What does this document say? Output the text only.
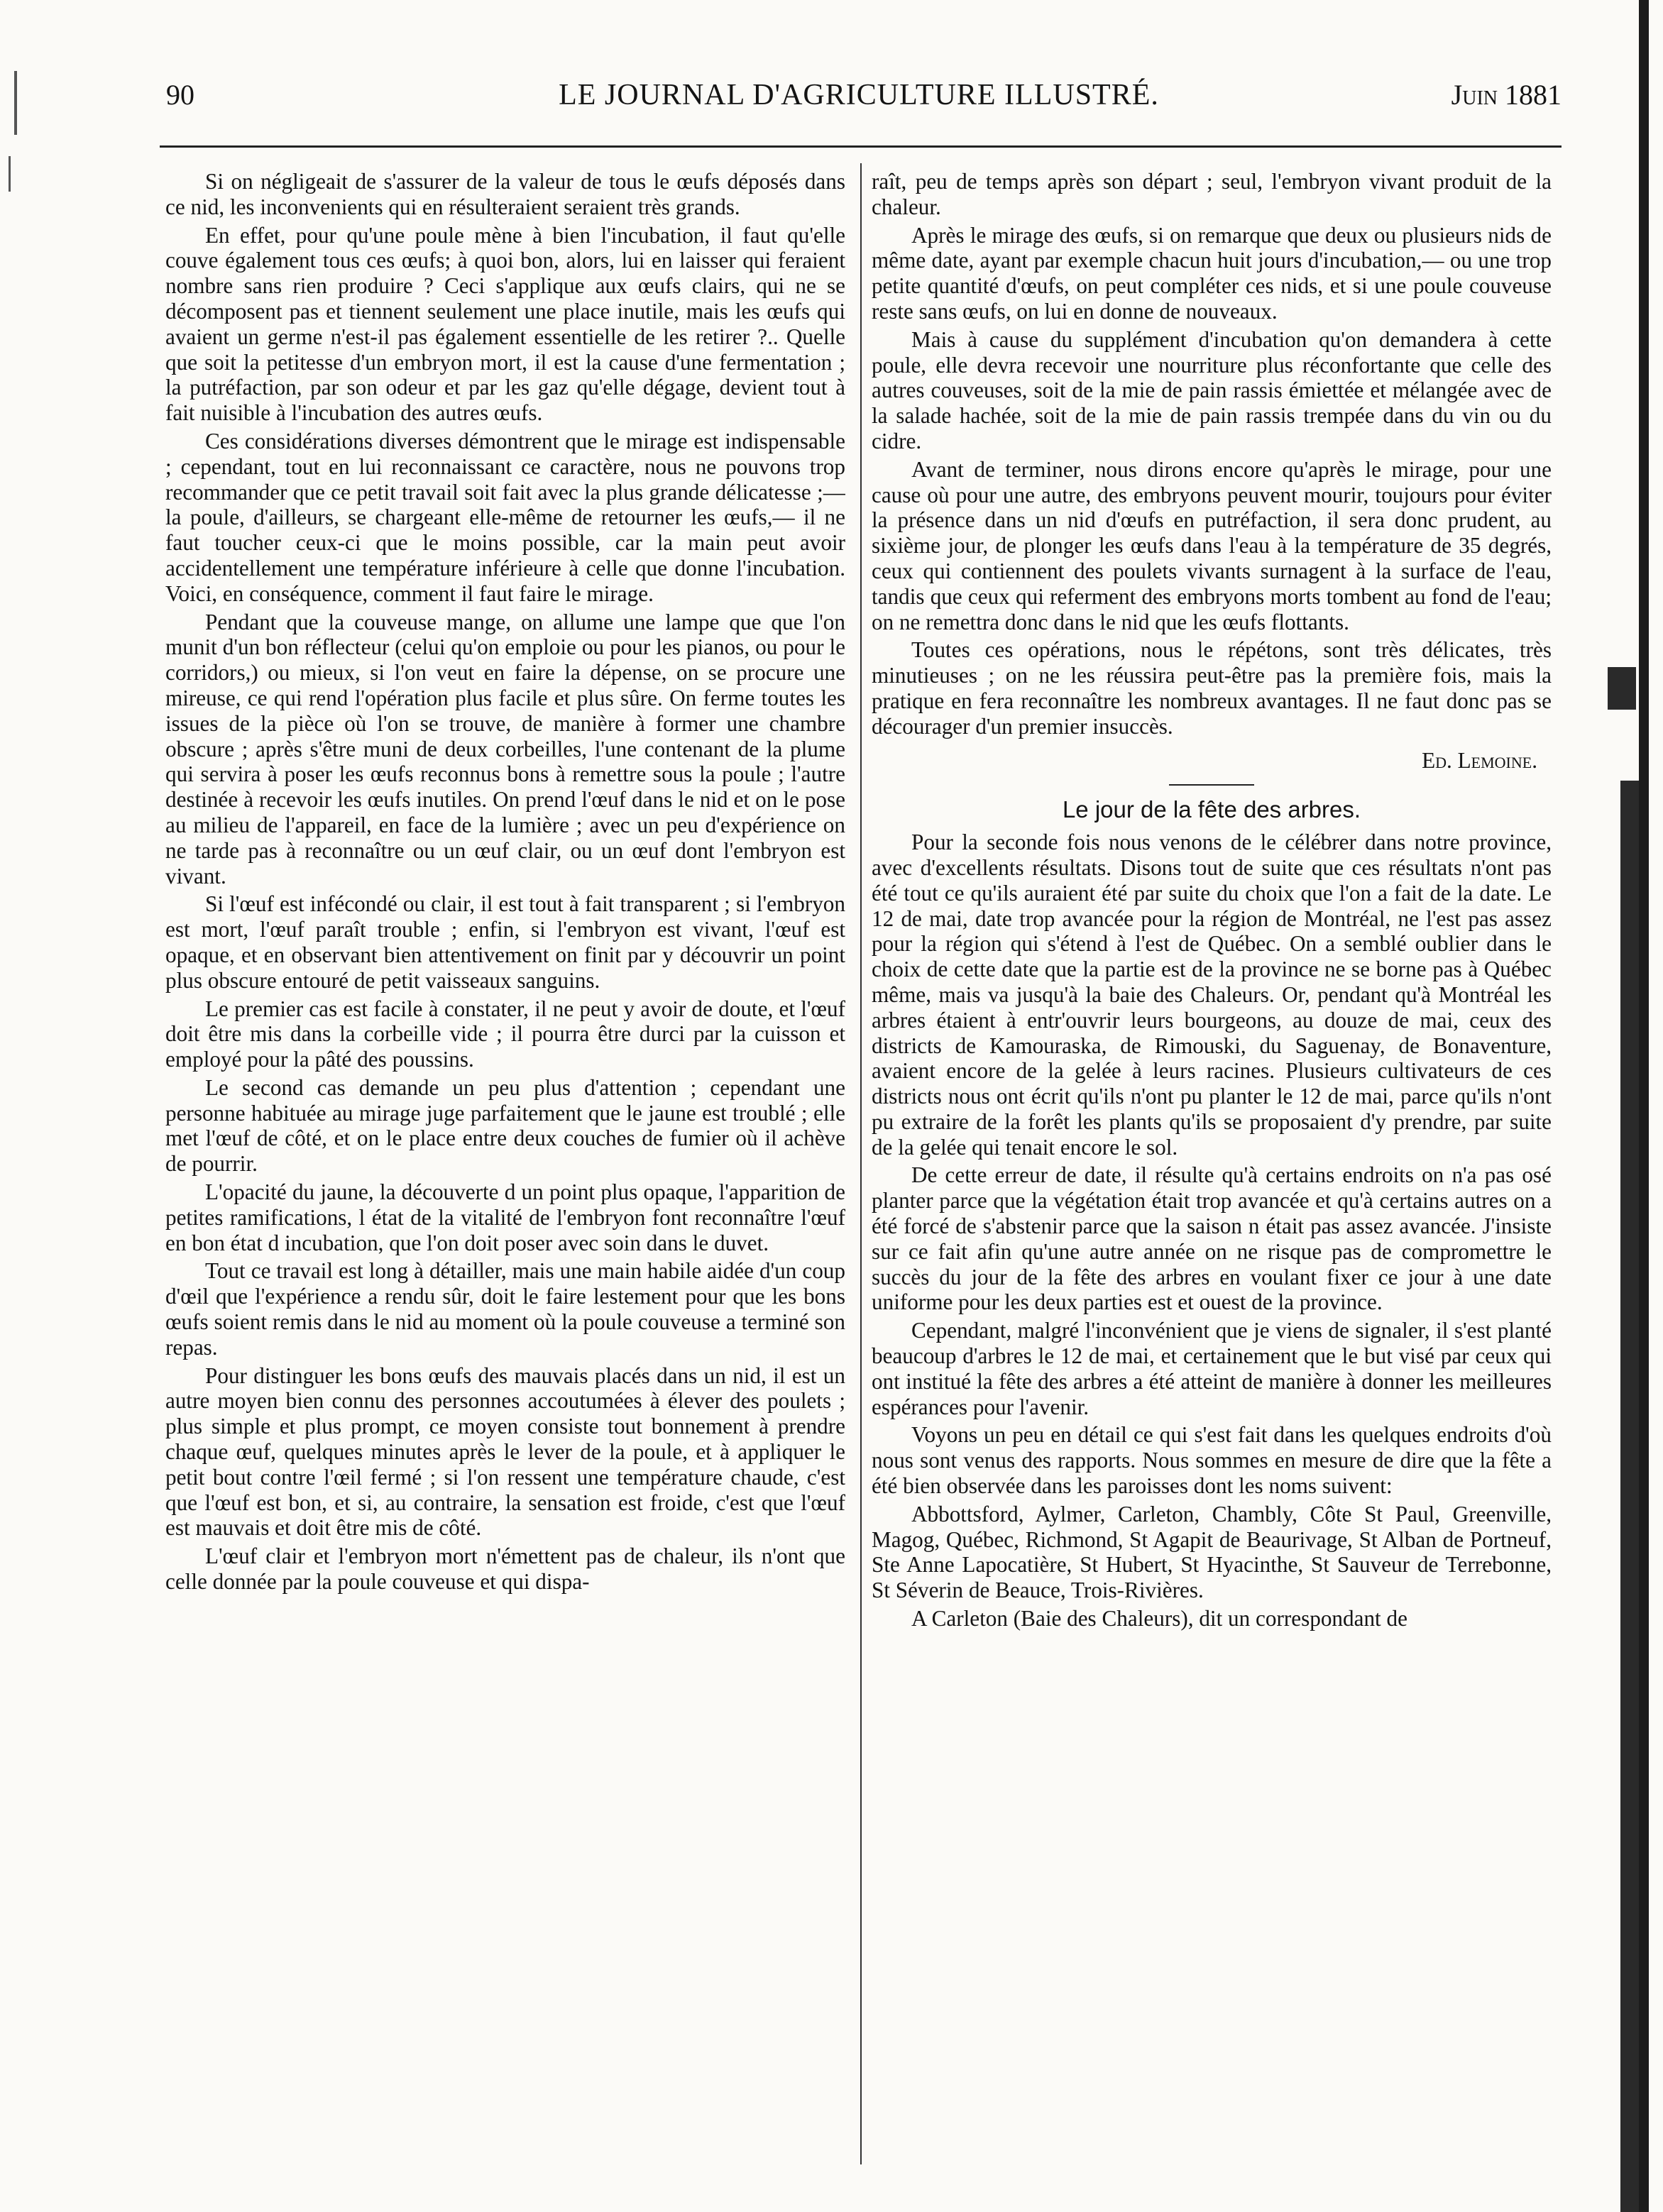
90	LE JOURNAL D'AGRICULTURE ILLUSTRÉ.	Juin 1881

Si on négligeait de s'assurer de la valeur de tous le œufs déposés dans ce nid, les inconvenients qui en résulteraient seraient très grands.

En effet, pour qu'une poule mène à bien l'incubation, il faut qu'elle couve également tous ces œufs; à quoi bon, alors, lui en laisser qui feraient nombre sans rien produire ? Ceci s'applique aux œufs clairs, qui ne se décomposent pas et tiennent seulement une place inutile, mais les œufs qui avaient un germe n'est-il pas également essentielle de les retirer ?.. Quelle que soit la petitesse d'un embryon mort, il est la cause d'une fermentation ; la putréfaction, par son odeur et par les gaz qu'elle dégage, devient tout à fait nuisible à l'incubation des autres œufs.

Ces considérations diverses démontrent que le mirage est indispensable ; cependant, tout en lui reconnaissant ce caractère, nous ne pouvons trop recommander que ce petit travail soit fait avec la plus grande délicatesse ;— la poule, d'ailleurs, se chargeant elle-même de retourner les œufs,— il ne faut toucher ceux-ci que le moins possible, car la main peut avoir accidentellement une température inférieure à celle que donne l'incubation. Voici, en conséquence, comment il faut faire le mirage.

Pendant que la couveuse mange, on allume une lampe que que l'on munit d'un bon réflecteur (celui qu'on emploie ou pour les pianos, ou pour le corridors,) ou mieux, si l'on veut en faire la dépense, on se procure une mireuse, ce qui rend l'opération plus facile et plus sûre. On ferme toutes les issues de la pièce où l'on se trouve, de manière à former une chambre obscure ; après s'être muni de deux corbeilles, l'une contenant de la plume qui servira à poser les œufs reconnus bons à remettre sous la poule ; l'autre destinée à recevoir les œufs inutiles. On prend l'œuf dans le nid et on le pose au milieu de l'appareil, en face de la lumière ; avec un peu d'expérience on ne tarde pas à reconnaître ou un œuf clair, ou un œuf dont l'embryon est vivant.

Si l'œuf est infécondé ou clair, il est tout à fait transparent ; si l'embryon est mort, l'œuf paraît trouble ; enfin, si l'embryon est vivant, l'œuf est opaque, et en observant bien attentivement on finit par y découvrir un point plus obscure entouré de petit vaisseaux sanguins.

Le premier cas est facile à constater, il ne peut y avoir de doute, et l'œuf doit être mis dans la corbeille vide ; il pourra être durci par la cuisson et employé pour la pâté des poussins.

Le second cas demande un peu plus d'attention ; cependant une personne habituée au mirage juge parfaitement que le jaune est troublé ; elle met l'œuf de côté, et on le place entre deux couches de fumier où il achève de pourrir.

L'opacité du jaune, la découverte d un point plus opaque, l'apparition de petites ramifications, l état de la vitalité de l'embryon font reconnaître l'œuf en bon état d incubation, que l'on doit poser avec soin dans le duvet.

Tout ce travail est long à détailler, mais une main habile aidée d'un coup d'œil que l'expérience a rendu sûr, doit le faire lestement pour que les bons œufs soient remis dans le nid au moment où la poule couveuse a terminé son repas.

Pour distinguer les bons œufs des mauvais placés dans un nid, il est un autre moyen bien connu des personnes accoutumées à élever des poulets ; plus simple et plus prompt, ce moyen consiste tout bonnement à prendre chaque œuf, quelques minutes après le lever de la poule, et à appliquer le petit bout contre l'œil fermé ; si l'on ressent une température chaude, c'est que l'œuf est bon, et si, au contraire, la sensation est froide, c'est que l'œuf est mauvais et doit être mis de côté.

L'œuf clair et l'embryon mort n'émettent pas de chaleur, ils n'ont que celle donnée par la poule couveuse et qui dispa-

raît, peu de temps après son départ ; seul, l'embryon vivant produit de la chaleur.

Après le mirage des œufs, si on remarque que deux ou plusieurs nids de même date, ayant par exemple chacun huit jours d'incubation,— ou une trop petite quantité d'œufs, on peut compléter ces nids, et si une poule couveuse reste sans œufs, on lui en donne de nouveaux.

Mais à cause du supplément d'incubation qu'on demandera à cette poule, elle devra recevoir une nourriture plus réconfortante que celle des autres couveuses, soit de la mie de pain rassis émiettée et mélangée avec de la salade hachée, soit de la mie de pain rassis trempée dans du vin ou du cidre.

Avant de terminer, nous dirons encore qu'après le mirage, pour une cause où pour une autre, des embryons peuvent mourir, toujours pour éviter la présence dans un nid d'œufs en putréfaction, il sera donc prudent, au sixième jour, de plonger les œufs dans l'eau à la température de 35 degrés, ceux qui contiennent des poulets vivants surnagent à la surface de l'eau, tandis que ceux qui referment des embryons morts tombent au fond de l'eau; on ne remettra donc dans le nid que les œufs flottants.

Toutes ces opérations, nous le répétons, sont très délicates, très minutieuses ; on ne les réussira peut-être pas la première fois, mais la pratique en fera reconnaître les nombreux avantages. Il ne faut donc pas se décourager d'un premier insuccès.

Ed. Lemoine.
Le jour de la fête des arbres.

Pour la seconde fois nous venons de le célébrer dans notre province, avec d'excellents résultats. Disons tout de suite que ces résultats n'ont pas été tout ce qu'ils auraient été par suite du choix que l'on a fait de la date. Le 12 de mai, date trop avancée pour la région de Montréal, ne l'est pas assez pour la région qui s'étend à l'est de Québec. On a semblé oublier dans le choix de cette date que la partie est de la province ne se borne pas à Québec même, mais va jusqu'à la baie des Chaleurs. Or, pendant qu'à Montréal les arbres étaient à entr'ouvrir leurs bourgeons, au douze de mai, ceux des districts de Kamouraska, de Rimouski, du Saguenay, de Bonaventure, avaient encore de la gelée à leurs racines. Plusieurs cultivateurs de ces districts nous ont écrit qu'ils n'ont pu planter le 12 de mai, parce qu'ils n'ont pu extraire de la forêt les plants qu'ils se proposaient d'y prendre, par suite de la gelée qui tenait encore le sol.

De cette erreur de date, il résulte qu'à certains endroits on n'a pas osé planter parce que la végétation était trop avancée et qu'à certains autres on a été forcé de s'abstenir parce que la saison n était pas assez avancée. J'insiste sur ce fait afin qu'une autre année on ne risque pas de compromettre le succès du jour de la fête des arbres en voulant fixer ce jour à une date uniforme pour les deux parties est et ouest de la province.

Cependant, malgré l'inconvénient que je viens de signaler, il s'est planté beaucoup d'arbres le 12 de mai, et certainement que le but visé par ceux qui ont institué la fête des arbres a été atteint de manière à donner les meilleures espérances pour l'avenir.

Voyons un peu en détail ce qui s'est fait dans les quelques endroits d'où nous sont venus des rapports. Nous sommes en mesure de dire que la fête a été bien observée dans les paroisses dont les noms suivent:

Abbottsford, Aylmer, Carleton, Chambly, Côte St Paul, Greenville, Magog, Québec, Richmond, St Agapit de Beaurivage, St Alban de Portneuf, Ste Anne Lapocatière, St Hubert, St Hyacinthe, St Sauveur de Terrebonne, St Séverin de Beauce, Trois-Rivières.

A Carleton (Baie des Chaleurs), dit un correspondant de
